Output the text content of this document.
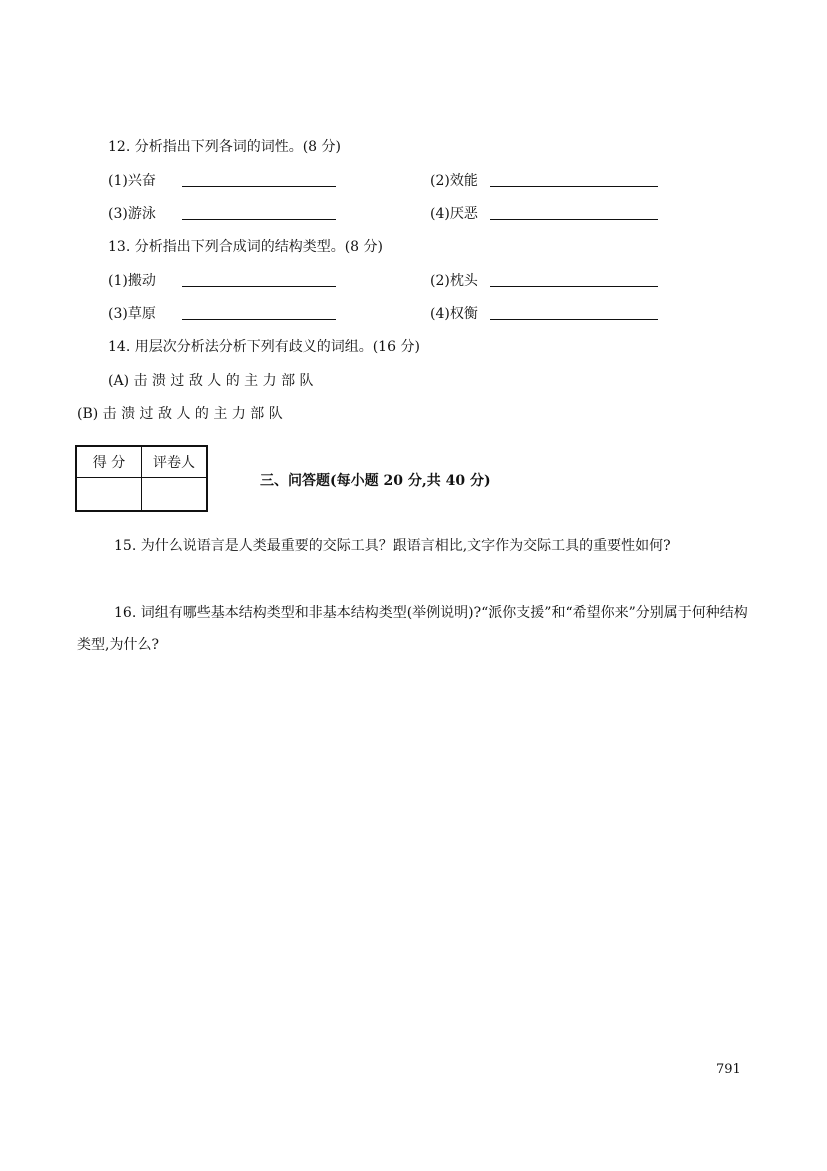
12. 分析指出下列各词的词性。(8 分)
(1)兴奋	(2)效能
(3)游泳	(4)厌恶
13. 分析指出下列合成词的结构类型。(8 分)
(1)搬动	(2)枕头
(3)草原	(4)权衡
14. 用层次分析法分析下列有歧义的词组。(16 分)
(A) 击 溃 过 敌 人 的 主 力 部 队
(B) 击 溃 过 敌 人 的 主 力 部 队
得 分	评卷人

三、问答题(每小题 20 分,共 40 分)
15. 为什么说语言是人类最重要的交际工具？跟语言相比,文字作为交际工具的重要性如何?
16. 词组有哪些基本结构类型和非基本结构类型(举例说明)?“派你支援”和“希望你来”分别属于何种结构类型,为什么?
791
